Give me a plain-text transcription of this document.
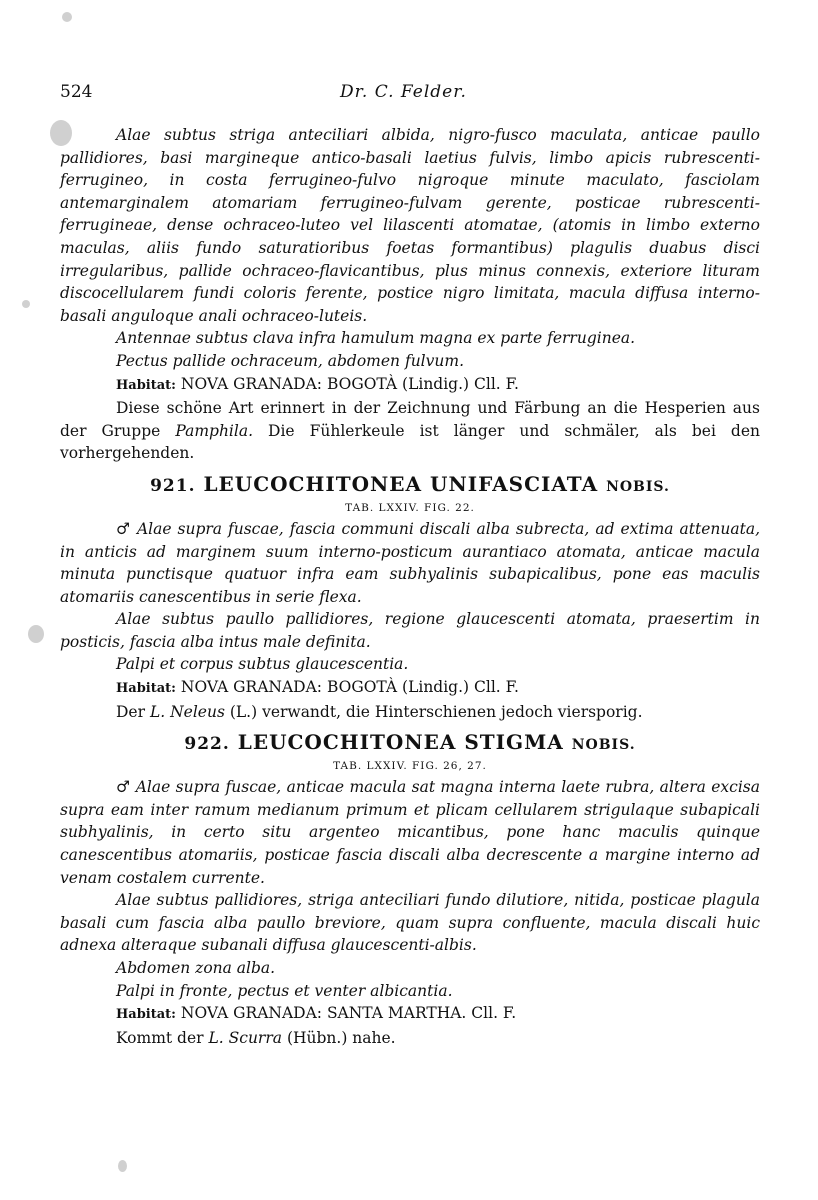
524	Dr. C. Felder.

Alae subtus striga anteciliari albida, nigro-fusco maculata, anticae paullo pallidiores, basi margineque antico-basali laetius fulvis, limbo apicis rubrescenti-ferrugineo, in costa ferrugineo-fulvo nigroque minute maculato, fasciolam antemarginalem atomariam ferrugineo-fulvam gerente, posticae rubrescenti-ferrugineae, dense ochraceo-luteo vel lilascenti atomatae, (atomis in limbo externo maculas, aliis fundo saturatioribus foetas formantibus) plagulis duabus disci irregularibus, pallide ochraceo-flavicantibus, plus minus connexis, exteriore lituram discocellularem fundi coloris ferente, postice nigro limitata, macula diffusa interno-basali anguloque anali ochraceo-luteis.

Antennae subtus clava infra hamulum magna ex parte ferruginea.

Pectus pallide ochraceum, abdomen fulvum.

Habitat: NOVA GRANADA: BOGOTÀ (Lindig.) Cll. F.

Diese schöne Art erinnert in der Zeichnung und Färbung an die Hesperien aus der Gruppe Pamphila. Die Fühlerkeule ist länger und schmäler, als bei den vorhergehenden.

921. LEUCOCHITONEA UNIFASCIATA NOBIS.
TAB. LXXIV. FIG. 22.

♂ Alae supra fuscae, fascia communi discali alba subrecta, ad extima attenuata, in anticis ad marginem suum interno-posticum aurantiaco atomata, anticae macula minuta punctisque quatuor infra eam subhyalinis subapicalibus, pone eas maculis atomariis canescentibus in serie flexa.

Alae subtus paullo pallidiores, regione glaucescenti atomata, praesertim in posticis, fascia alba intus male definita.

Palpi et corpus subtus glaucescentia.

Habitat: NOVA GRANADA: BOGOTÀ (Lindig.) Cll. F.

Der L. Neleus (L.) verwandt, die Hinterschienen jedoch viersporig.

922. LEUCOCHITONEA STIGMA NOBIS.
TAB. LXXIV. FIG. 26, 27.

♂ Alae supra fuscae, anticae macula sat magna interna laete rubra, altera excisa supra eam inter ramum medianum primum et plicam cellularem strigulaque subapicali subhyalinis, in certo situ argenteo micantibus, pone hanc maculis quinque canescentibus atomariis, posticae fascia discali alba decrescente a margine interno ad venam costalem currente.

Alae subtus pallidiores, striga anteciliari fundo dilutiore, nitida, posticae plagula basali cum fascia alba paullo breviore, quam supra confluente, macula discali huic adnexa alteraque subanali diffusa glaucescenti-albis.

Abdomen zona alba.

Palpi in fronte, pectus et venter albicantia.

Habitat: NOVA GRANADA: SANTA MARTHA. Cll. F.

Kommt der L. Scurra (Hübn.) nahe.
